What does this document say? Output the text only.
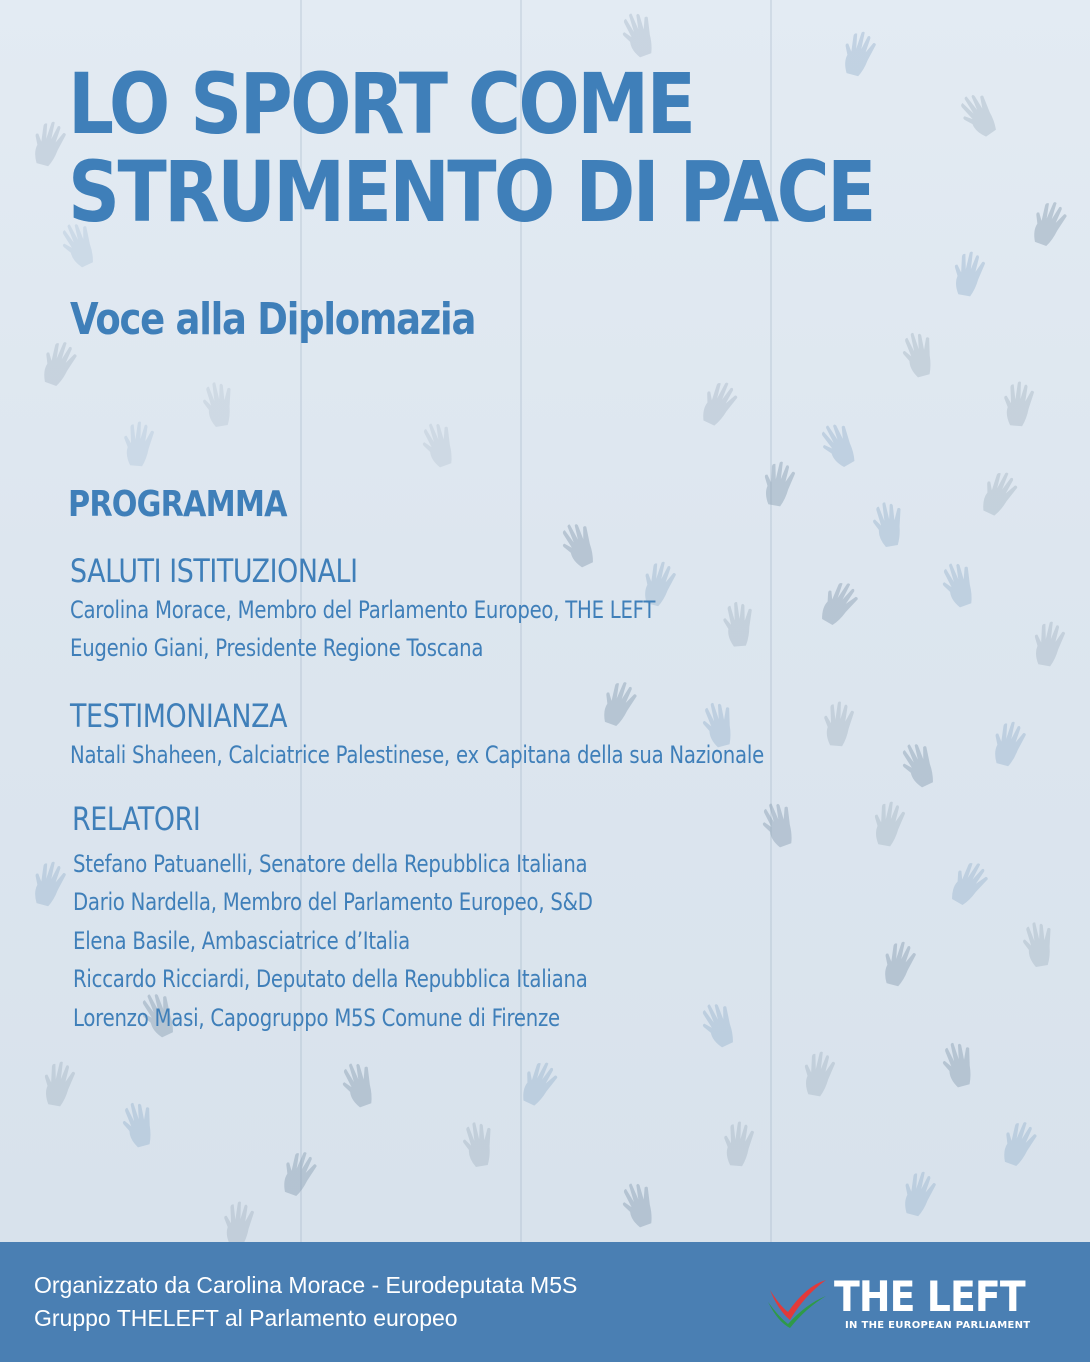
LO SPORT COME
STRUMENTO DI PACE
Voce alla Diplomazia
PROGRAMMA
SALUTI ISTITUZIONALI
Carolina Morace, Membro del Parlamento Europeo, THE LEFT
Eugenio Giani, Presidente Regione Toscana
TESTIMONIANZA
Natali Shaheen, Calciatrice Palestinese, ex Capitana della sua Nazionale
RELATORI
Stefano Patuanelli, Senatore della Repubblica Italiana
Dario Nardella, Membro del Parlamento Europeo, S&D
Elena Basile, Ambasciatrice d’Italia
Riccardo Ricciardi, Deputato della Repubblica Italiana
Lorenzo Masi, Capogruppo M5S Comune di Firenze
Organizzato da Carolina Morace - Eurodeputata M5S
Gruppo THELEFT al Parlamento europeo	THE LEFT
IN THE EUROPEAN PARLIAMENT
